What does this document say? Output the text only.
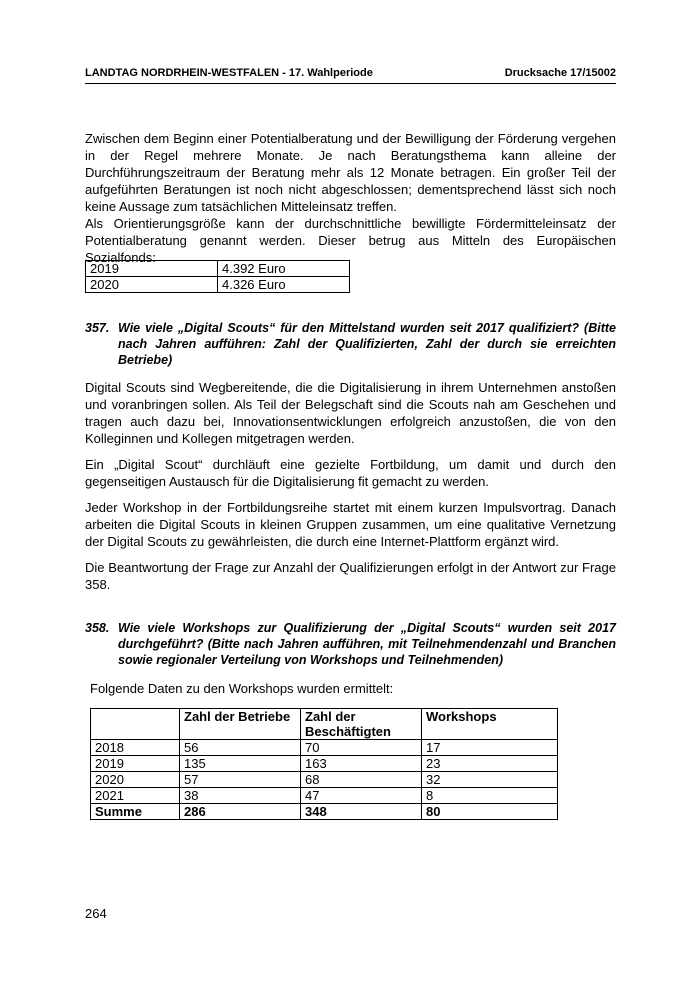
LANDTAG NORDRHEIN-WESTFALEN - 17. Wahlperiode	Drucksache 17/15002

Zwischen dem Beginn einer Potentialberatung und der Bewilligung der Förderung vergehen in der Regel mehrere Monate. Je nach Beratungsthema kann alleine der Durchführungszeitraum der Beratung mehr als 12 Monate betragen. Ein großer Teil der aufgeführten Beratungen ist noch nicht abgeschlossen; dementsprechend lässt sich noch keine Aussage zum tatsächlichen Mitteleinsatz treffen.

Als Orientierungsgröße kann der durchschnittliche bewilligte Fördermitteleinsatz der Potentialberatung genannt werden. Dieser betrug aus Mitteln des Europäischen Sozialfonds:

2019	4.392 Euro
2020	4.326 Euro
357. Wie viele „Digital Scouts“ für den Mittelstand wurden seit 2017 qualifiziert? (Bitte nach Jahren aufführen: Zahl der Qualifizierten, Zahl der durch sie erreichten Betriebe)

Digital Scouts sind Wegbereitende, die die Digitalisierung in ihrem Unternehmen anstoßen und voranbringen sollen. Als Teil der Belegschaft sind die Scouts nah am Geschehen und tragen auch dazu bei, Innovationsentwicklungen erfolgreich anzustoßen, die von den Kolleginnen und Kollegen mitgetragen werden.

Ein „Digital Scout“ durchläuft eine gezielte Fortbildung, um damit und durch den gegenseitigen Austausch für die Digitalisierung fit gemacht zu werden.

Jeder Workshop in der Fortbildungsreihe startet mit einem kurzen Impulsvortrag. Danach arbeiten die Digital Scouts in kleinen Gruppen zusammen, um eine qualitative Vernetzung der Digital Scouts zu gewährleisten, die durch eine Internet-Plattform ergänzt wird.

Die Beantwortung der Frage zur Anzahl der Qualifizierungen erfolgt in der Antwort zur Frage 358.

358. Wie viele Workshops zur Qualifizierung der „Digital Scouts“ wurden seit 2017 durchgeführt? (Bitte nach Jahren aufführen, mit Teilnehmendenzahl und Branchen sowie regionaler Verteilung von Workshops und Teilnehmenden)

Folgende Daten zu den Workshops wurden ermittelt:

	Zahl der Betriebe	Zahl der Beschäftigten	Workshops
2018	56	70	17
2019	135	163	23
2020	57	68	32
2021	38	47	8
Summe	286	348	80
264
